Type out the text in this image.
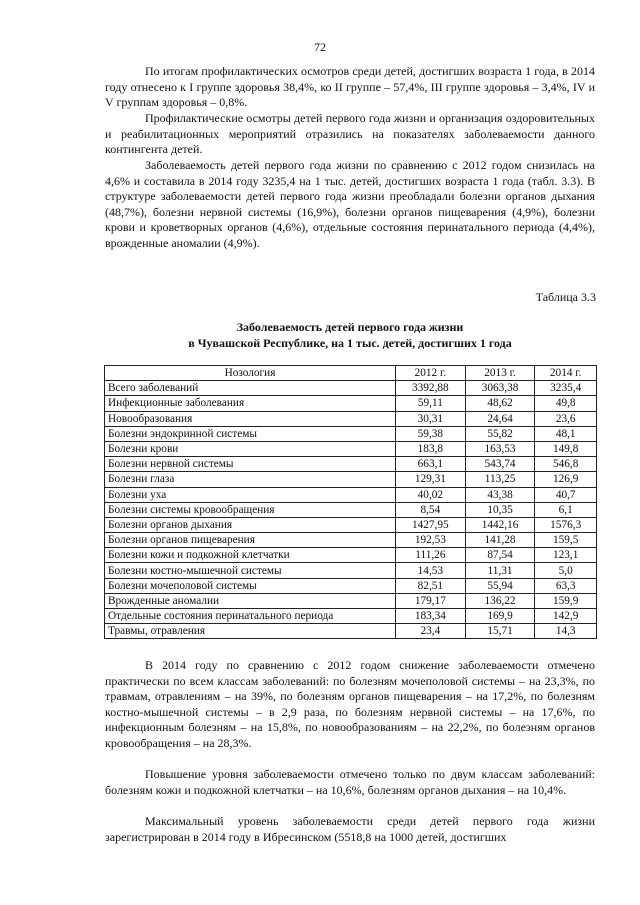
72

По итогам профилактических осмотров среди детей, достигших возраста 1 года, в 2014 году отнесено к I группе здоровья 38,4%, ко II группе – 57,4%, III группе здоровья – 3,4%, IV и V группам здоровья – 0,8%.

Профилактические осмотры детей первого года жизни и организация оздоровительных и реабилитационных мероприятий отразились на показателях заболеваемости данного контингента детей.

Заболеваемость детей первого года жизни по сравнению с 2012 годом снизилась на 4,6% и составила в 2014 году 3235,4 на 1 тыс. детей, достигших возраста 1 года (табл. 3.3). В структуре заболеваемости детей первого года жизни преобладали болезни органов дыхания (48,7%), болезни нервной системы (16,9%), болезни органов пищеварения (4,9%), болезни крови и кроветворных органов (4,6%), отдельные состояния перинатального периода (4,4%), врожденные аномалии (4,9%).

Таблица 3.3
Заболеваемость детей первого года жизни
в Чувашской Республике, на 1 тыс. детей, достигших 1 года
Нозология	2012 г.	2013 г.	2014 г.
Всего заболеваний	3392,88	3063,38	3235,4
Инфекционные заболевания	59,11	48,62	49,8
Новообразования	30,31	24,64	23,6
Болезни эндокринной системы	59,38	55,82	48,1
Болезни крови	183,8	163,53	149,8
Болезни нервной системы	663,1	543,74	546,8
Болезни глаза	129,31	113,25	126,9
Болезни уха	40,02	43,38	40,7
Болезни системы кровообращения	8,54	10,35	6,1
Болезни органов дыхания	1427,95	1442,16	1576,3
Болезни органов пищеварения	192,53	141,28	159,5
Болезни кожи и подкожной клетчатки	111,26	87,54	123,1
Болезни костно-мышечной системы	14,53	11,31	5,0
Болезни мочеполовой системы	82,51	55,94	63,3
Врожденные аномалии	179,17	136,22	159,9
Отдельные состояния перинатального периода	183,34	169,9	142,9
Травмы, отравления	23,4	15,71	14,3

В 2014 году по сравнению с 2012 годом снижение заболеваемости отмечено практически по всем классам заболеваний: по болезням мочеполовой системы – на 23,3%, по травмам, отравлениям – на 39%, по болезням органов пищеварения – на 17,2%, по болезням костно-мышечной системы – в 2,9 раза, по болезням нервной системы – на 17,6%, по инфекционным болезням – на 15,8%, по новообразованиям – на 22,2%, по болезням органов кровообращения – на 28,3%.

Повышение уровня заболеваемости отмечено только по двум классам заболеваний: болезням кожи и подкожной клетчатки – на 10,6%, болезням органов дыхания – на 10,4%.

Максимальный уровень заболеваемости среди детей первого года жизни зарегистрирован в 2014 году в Ибресинском (5518,8 на 1000 детей, достигших
